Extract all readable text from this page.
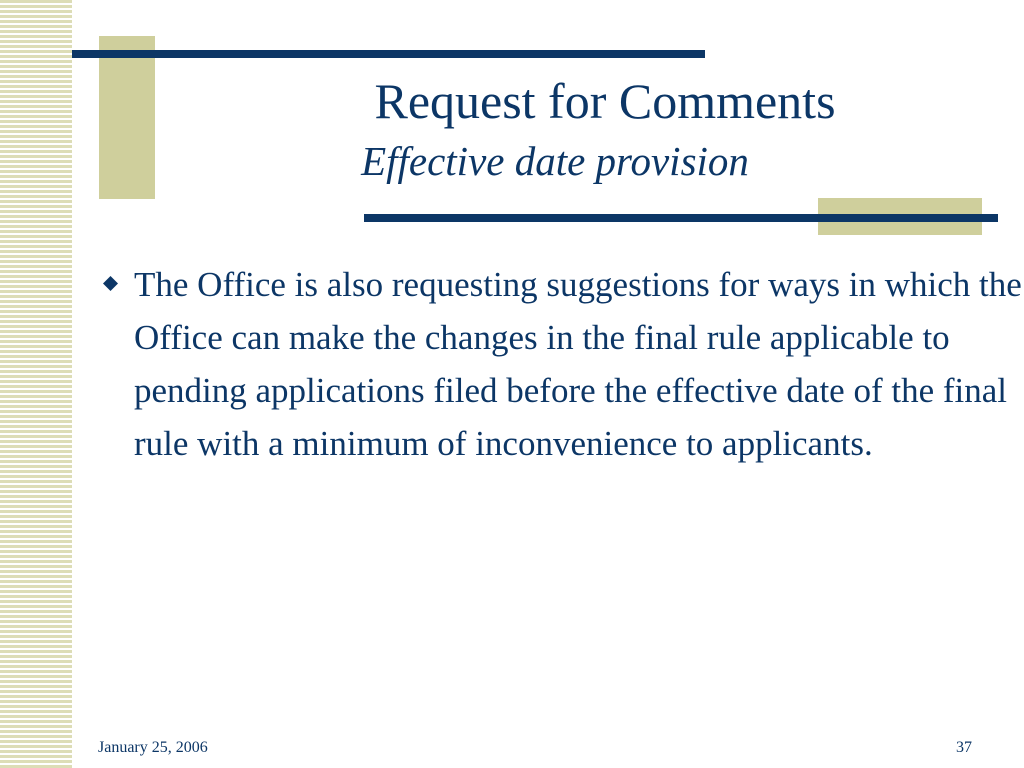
Request for Comments
Effective date provision
The Office is also requesting suggestions for ways in which the Office can make the changes in the final rule applicable to pending applications filed before the effective date of the final rule with a minimum of inconvenience to applicants.
January 25, 2006	37
